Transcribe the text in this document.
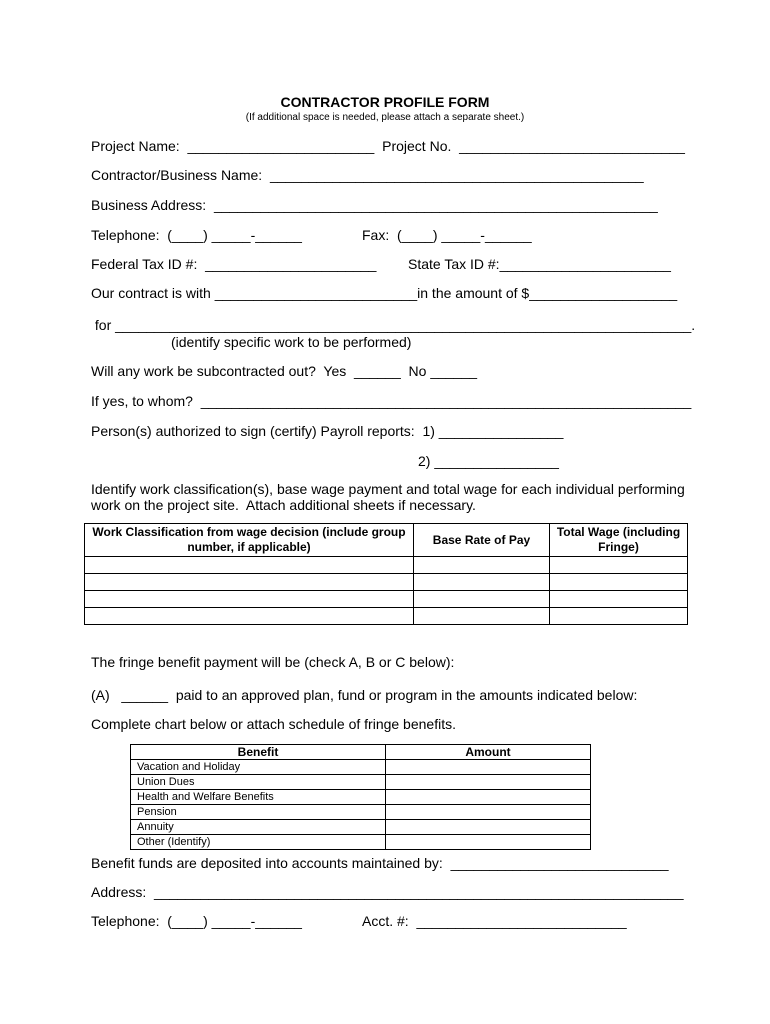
CONTRACTOR PROFILE FORM
(If additional space is needed, please attach a separate sheet.)
Project Name:  ________________________  Project No.  _____________________________
Contractor/Business Name:  ________________________________________________
Business Address:  _________________________________________________________
Telephone:  (____) _____-______	Fax:  (____) _____-______
Federal Tax ID #:  ______________________ State Tax ID #:______________________
Our contract is with __________________________in the amount of $___________________
for __________________________________________________________________________.
(identify specific work to be performed)
Will any work be subcontracted out?  Yes  ______  No ______
If yes, to whom?  _______________________________________________________________
Person(s) authorized to sign (certify) Payroll reports:  1) ________________
2) ________________
Identify work classification(s), base wage payment and total wage for each individual performing
work on the project site.  Attach additional sheets if necessary.
Work Classification from wage decision (include group number, if applicable)	Base Rate of Pay	Total Wage (including Fringe)

The fringe benefit payment will be (check A, B or C below):
(A)   ______  paid to an approved plan, fund or program in the amounts indicated below:
Complete chart below or attach schedule of fringe benefits.
Benefit	Amount
Vacation and Holiday	
Union Dues	
Health and Welfare Benefits	
Pension	
Annuity	
Other (Identify)	
Benefit funds are deposited into accounts maintained by:  ____________________________
Address:  ____________________________________________________________________
Telephone:  (____) _____-______	Acct. #:  ___________________________
